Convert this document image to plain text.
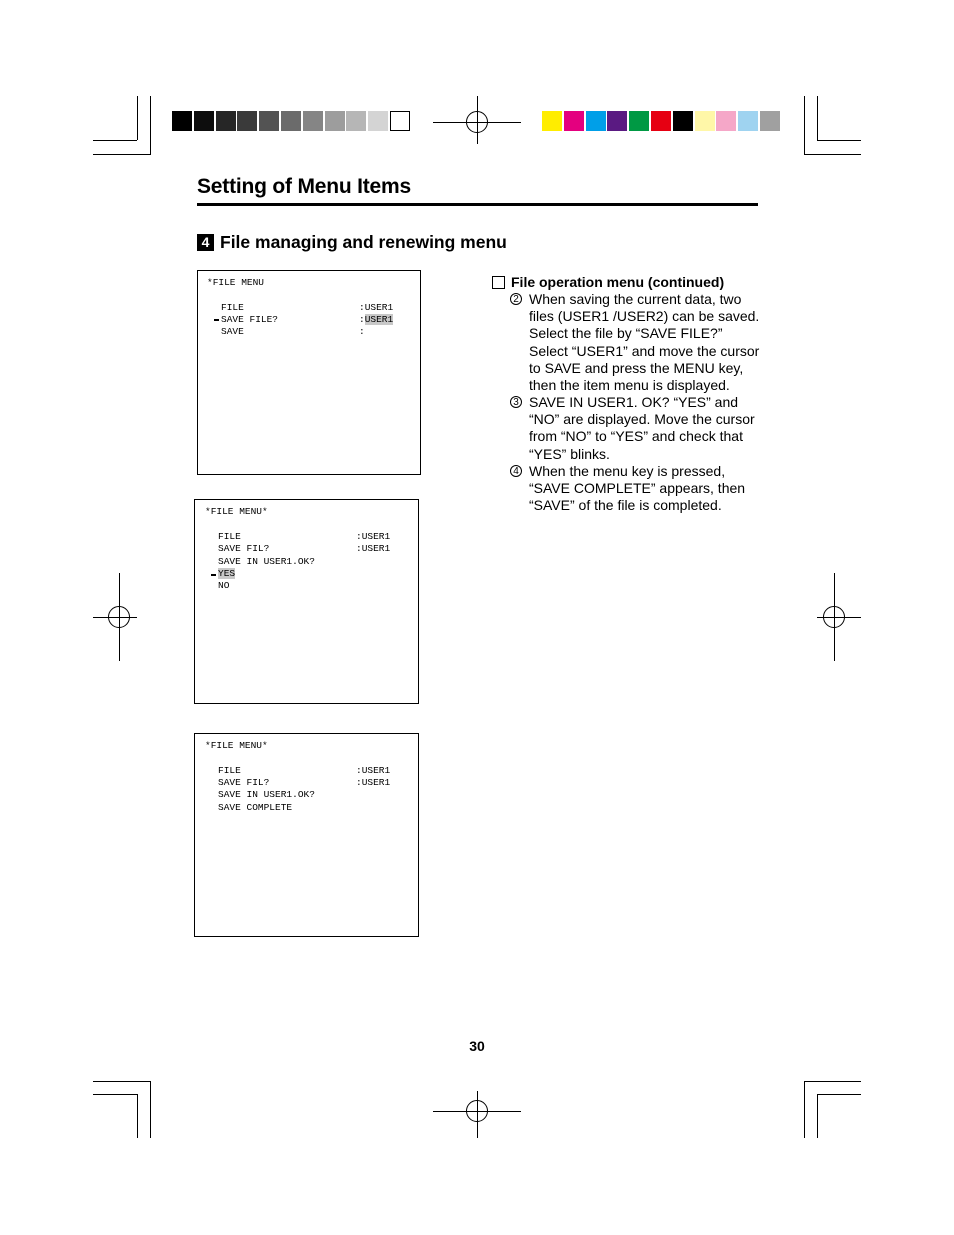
Setting of Menu Items
4 File managing and renewing menu
*FILE MENU
FILE	:USER1
SAVE FILE?	:USER1
SAVE	:
*FILE MENU*
FILE	:USER1
SAVE FIL?	:USER1
SAVE IN USER1.OK?
YES
NO
*FILE MENU*
FILE	:USER1
SAVE FIL?	:USER1
SAVE IN USER1.OK?
SAVE COMPLETE
File operation menu (continued)
2 When saving the current data, two files (USER1 /USER2) can be saved. Select the file by “SAVE FILE?” Select “USER1” and move the cursor to SAVE and press the MENU key, then the item menu is displayed.
3 SAVE IN USER1. OK? “YES” and “NO” are displayed. Move the cursor from “NO” to “YES” and check that “YES” blinks.
4 When the menu key is pressed, “SAVE COMPLETE” appears, then “SAVE” of the file is completed.
30
